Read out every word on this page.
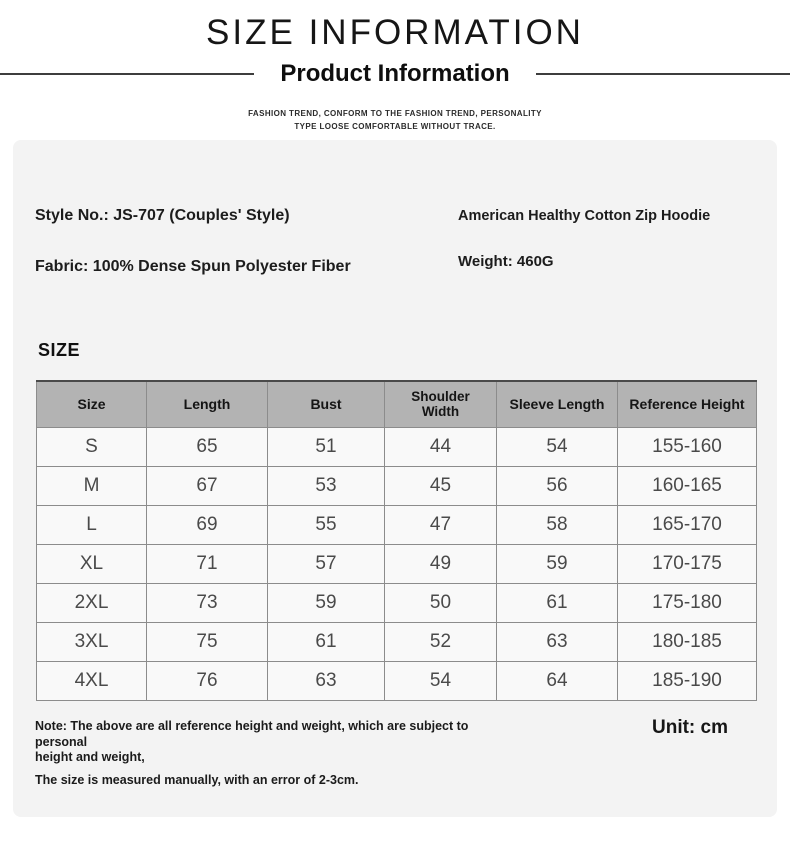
SIZE INFORMATION
Product Information
FASHION TREND, CONFORM TO THE FASHION TREND, PERSONALITY
TYPE LOOSE COMFORTABLE WITHOUT TRACE.
Style No.: JS-707 (Couples' Style)	American Healthy Cotton Zip Hoodie
Fabric: 100% Dense Spun Polyester Fiber	Weight: 460G
SIZE
Size	Length	Bust	Shoulder Width	Sleeve Length	Reference Height
S	65	51	44	54	155-160
M	67	53	45	56	160-165
L	69	55	47	58	165-170
XL	71	57	49	59	170-175
2XL	73	59	50	61	175-180
3XL	75	61	52	63	180-185
4XL	76	63	54	64	185-190
Note: The above are all reference height and weight, which are subject to personal
height and weight,
The size is measured manually, with an error of 2-3cm.
Unit: cm
